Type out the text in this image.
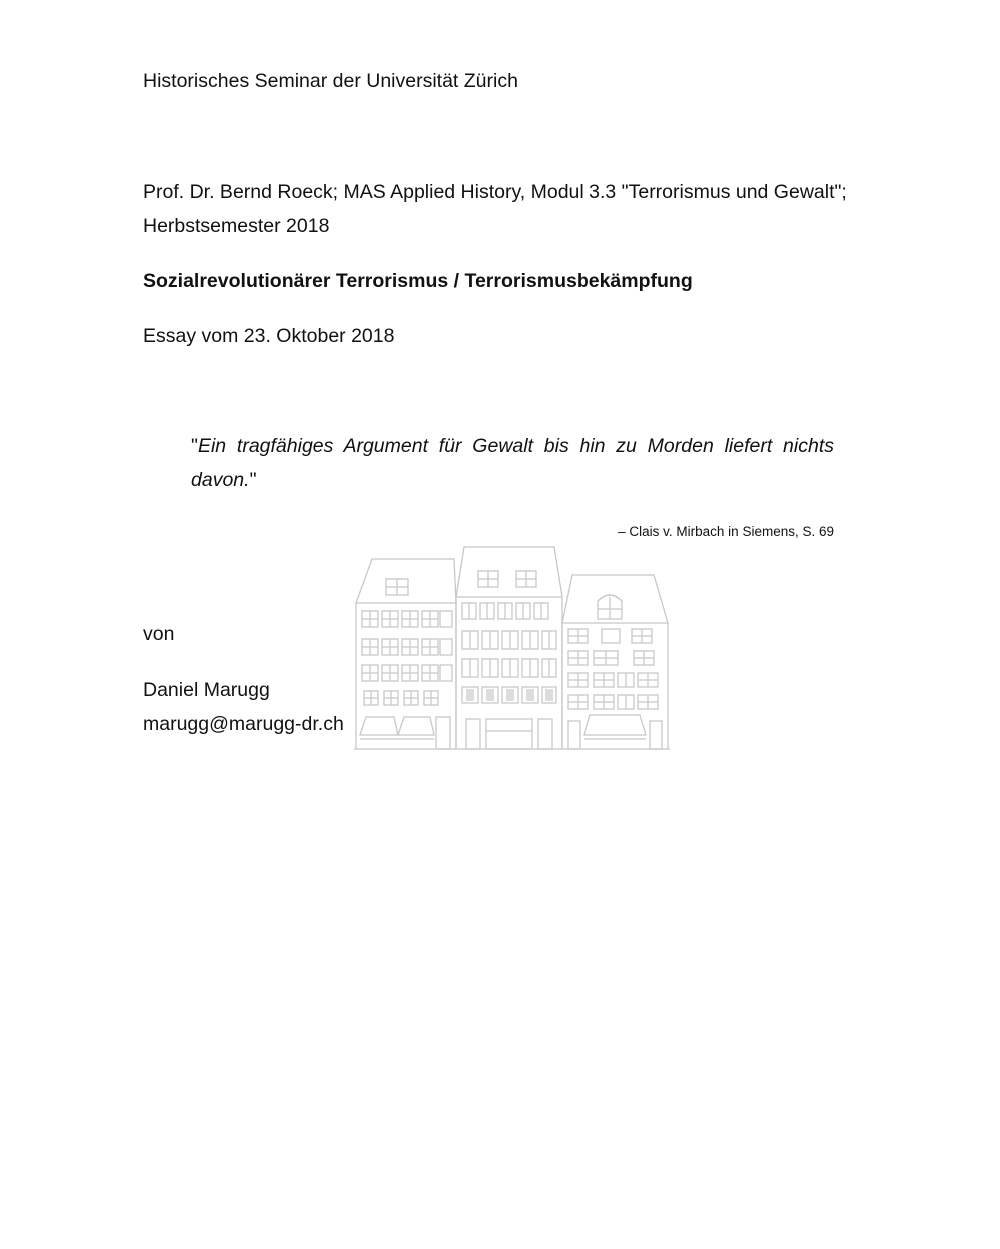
Historisches Seminar der Universität Zürich

Prof. Dr. Bernd Roeck; MAS Applied History, Modul 3.3 "Terrorismus und Gewalt";

Herbstsemester 2018

Sozialrevolutionärer Terrorismus / Terrorismusbekämpfung

Essay vom 23. Oktober 2018

"Ein tragfähiges Argument für Gewalt bis hin zu Morden liefert nichts davon."

– Clais v. Mirbach in Siemens, S. 69

von

Daniel Marugg

marugg@marugg-dr.ch
